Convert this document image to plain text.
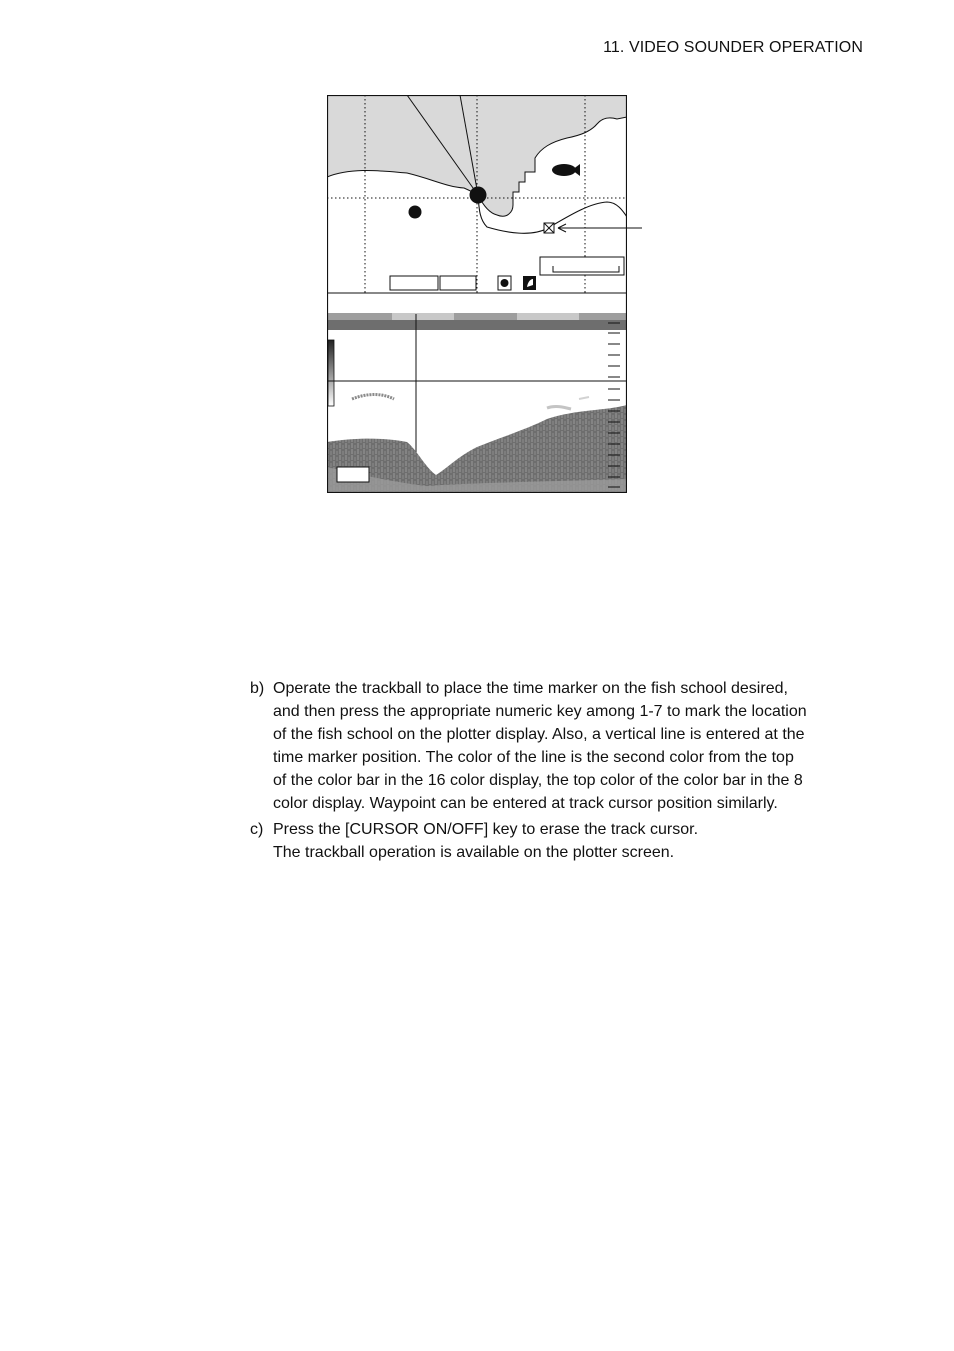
11. VIDEO SOUNDER OPERATION
b) Operate the trackball to place the time marker on the fish school desired,

and then press the appropriate numeric key among 1-7 to mark the location

of the fish school on the plotter display. Also, a vertical line is entered at the

time marker position. The color of the line is the second color from the top

of the color bar in the 16 color display, the top color of the color bar in the 8

color display. Waypoint can be entered at track cursor position similarly.

c) Press the [CURSOR ON/OFF] key to erase the track cursor.

The trackball operation is available on the plotter screen.
